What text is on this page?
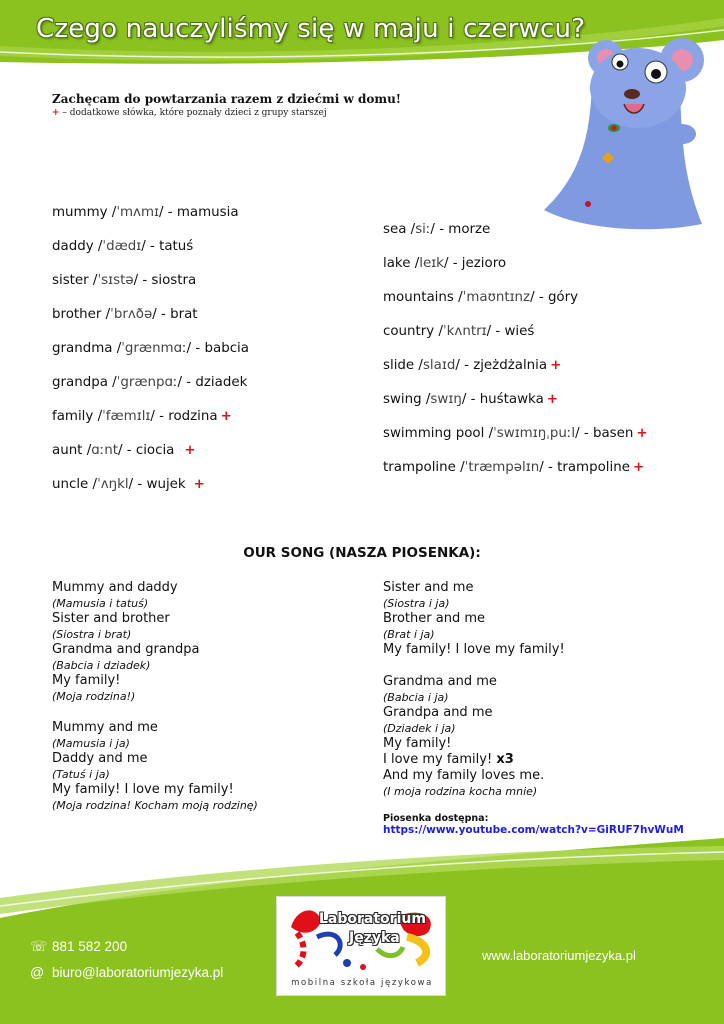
Czego nauczyliśmy się w maju i czerwcu?
Zachęcam do powtarzania razem z dziećmi w domu!
+ – dodatkowe słówka, które poznały dzieci z grupy starszej
mummy /ˈmʌmɪ/ - mamusia
daddy /ˈdædɪ/ - tatuś
sister /ˈsɪstə/ - siostra
brother /ˈbrʌðə/ - brat
grandma /ˈgrænmɑː/ - babcia
grandpa /ˈgrænpɑː/ - dziadek
family /ˈfæmɪlɪ/ - rodzina +
aunt /ɑːnt/ - ciocia +
uncle /ˈʌŋkl/ - wujek +
sea /siː/ - morze
lake /leɪk/ - jezioro
mountains /ˈmaʊntɪnz/ - góry
country /ˈkʌntrɪ/ - wieś
slide /slaɪd/ - zjeżdżalnia +
swing /swɪŋ/ - huśtawka +
swimming pool /ˈswɪmɪŋˌpuːl/ - basen +
trampoline /ˈtræmpəlɪn/ - trampoline +
OUR SONG (NASZA PIOSENKA):
Mummy and daddy
(Mamusia i tatuś)
Sister and brother
(Siostra i brat)
Grandma and grandpa
(Babcia i dziadek)
My family!
(Moja rodzina!)
Mummy and me
(Mamusia i ja)
Daddy and me
(Tatuś i ja)
My family! I love my family!
(Moja rodzina! Kocham moją rodzinę)
Sister and me
(Siostra i ja)
Brother and me
(Brat i ja)
My family! I love my family!
Grandma and me
(Babcia i ja)
Grandpa and me
(Dziadek i ja)
My family!
I love my family! x3
And my family loves me.
(I moja rodzina kocha mnie)
Piosenka dostępna:
https://www.youtube.com/watch?v=GiRUF7hvWuM
☏ 881 582 200
@ biuro@laboratoriumjezyka.pl
www.laboratoriumjezyka.pl
Laboratorium
Języka
mobilna szkoła językowa
